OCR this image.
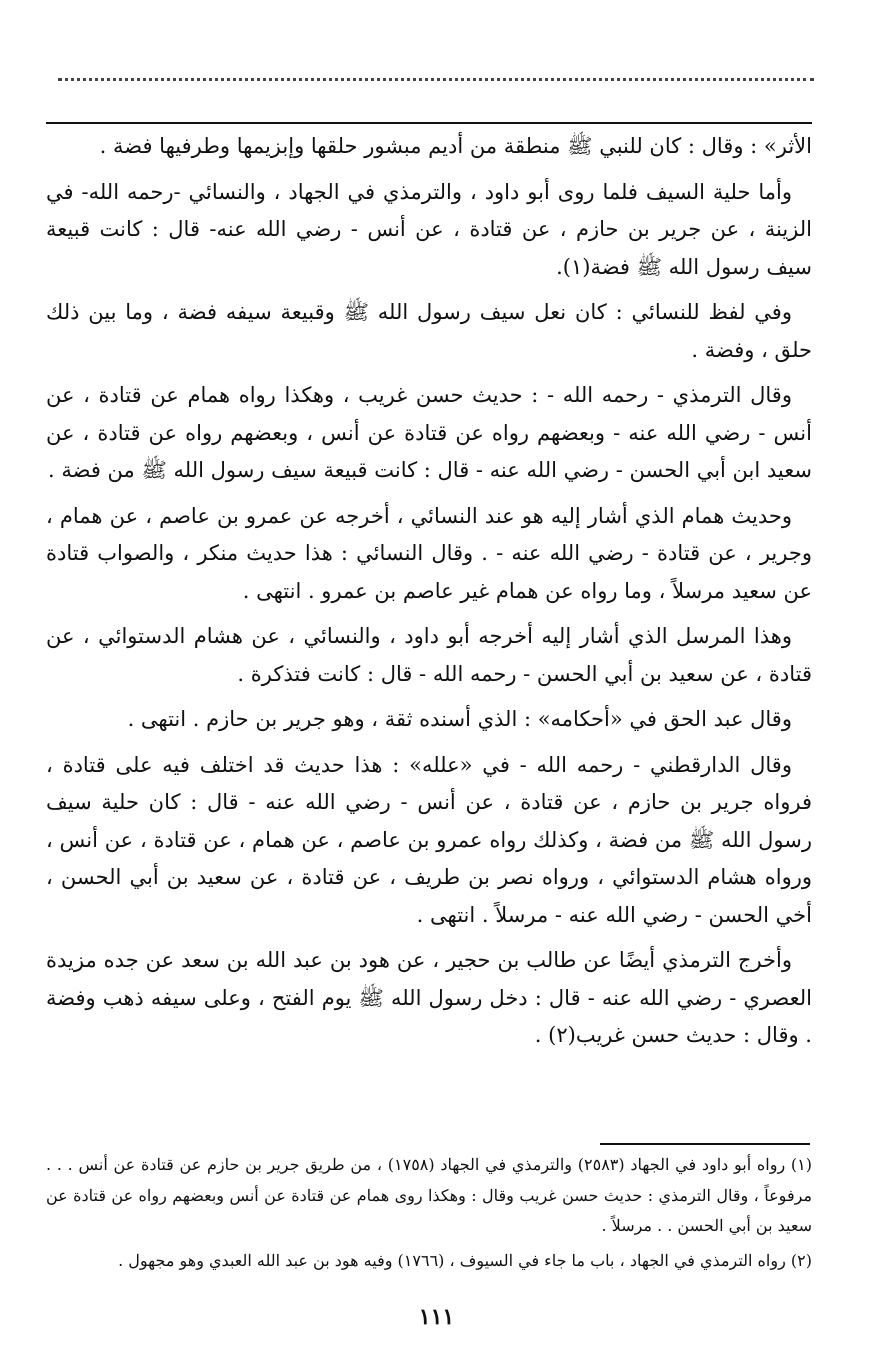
الأثر» : وقال : كان للنبي ﷺ منطقة من أديم مبشور حلقها وإبزيمها وطرفيها فضة .

وأما حلية السيف فلما روى أبو داود ، والترمذي في الجهاد ، والنسائي -رحمه الله- في الزينة ، عن جرير بن حازم ، عن قتادة ، عن أنس - رضي الله عنه- قال : كانت قبيعة سيف رسول الله ﷺ فضة(١).

وفي لفظ للنسائي : كان نعل سيف رسول الله ﷺ وقبيعة سيفه فضة ، وما بين ذلك حلق ، وفضة .

وقال الترمذي - رحمه الله - : حديث حسن غريب ، وهكذا رواه همام عن قتادة ، عن أنس - رضي الله عنه - وبعضهم رواه عن قتادة عن أنس ، وبعضهم رواه عن قتادة ، عن سعيد ابن أبي الحسن - رضي الله عنه - قال : كانت قبيعة سيف رسول الله ﷺ من فضة .

وحديث همام الذي أشار إليه هو عند النسائي ، أخرجه عن عمرو بن عاصم ، عن همام ، وجرير ، عن قتادة - رضي الله عنه - . وقال النسائي : هذا حديث منكر ، والصواب قتادة عن سعيد مرسلاً ، وما رواه عن همام غير عاصم بن عمرو . انتهى .

وهذا المرسل الذي أشار إليه أخرجه أبو داود ، والنسائي ، عن هشام الدستوائي ، عن قتادة ، عن سعيد بن أبي الحسن - رحمه الله - قال : كانت فتذكرة .

وقال عبد الحق في «أحكامه» : الذي أسنده ثقة ، وهو جرير بن حازم . انتهى .

وقال الدارقطني - رحمه الله - في «علله» : هذا حديث قد اختلف فيه على قتادة ، فرواه جرير بن حازم ، عن قتادة ، عن أنس - رضي الله عنه - قال : كان حلية سيف رسول الله ﷺ من فضة ، وكذلك رواه عمرو بن عاصم ، عن همام ، عن قتادة ، عن أنس ، ورواه هشام الدستوائي ، ورواه نصر بن طريف ، عن قتادة ، عن سعيد بن أبي الحسن ، أخي الحسن - رضي الله عنه - مرسلاً . انتهى .

وأخرج الترمذي أيضًا عن طالب بن حجير ، عن هود بن عبد الله بن سعد عن جده مزيدة العصري - رضي الله عنه - قال : دخل رسول الله ﷺ يوم الفتح ، وعلى سيفه ذهب وفضة . وقال : حديث حسن غريب(٢) .

(١) رواه أبو داود في الجهاد (٢٥٨٣) والترمذي في الجهاد (١٧٥٨) ، من طريق جرير بن حازم عن قتادة عن أنس . . . مرفوعاً ، وقال الترمذي : حديث حسن غريب وقال : وهكذا روى همام عن قتادة عن أنس وبعضهم رواه عن قتادة عن سعيد بن أبي الحسن . . مرسلاً .

(٢) رواه الترمذي في الجهاد ، باب ما جاء في السيوف ، (١٧٦٦) وفيه هود بن عبد الله العبدي وهو مجهول .

١١١
